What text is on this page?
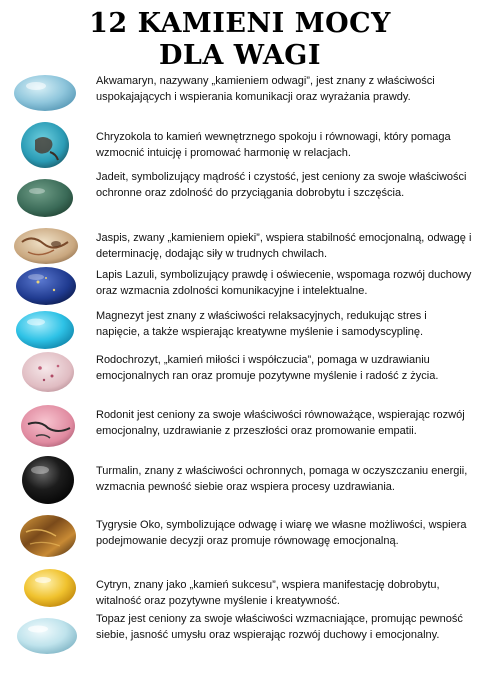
12 KAMIENI MOCY
DLA WAGI
Akwamaryn, nazywany „kamieniem odwagi”, jest znany z właściwości uspokajających i wspierania komunikacji oraz wyrażania prawdy.
Chryzokola to kamień wewnętrznego spokoju i równowagi, który pomaga wzmocnić intuicję i promować harmonię w relacjach.
Jadeit, symbolizujący mądrość i czystość, jest ceniony za swoje właściwości ochronne oraz zdolność do przyciągania dobrobytu i szczęścia.
Jaspis, zwany „kamieniem opieki”, wspiera stabilność emocjonalną, odwagę i determinację, dodając siły w trudnych chwilach.
Lapis Lazuli, symbolizujący prawdę i oświecenie, wspomaga rozwój duchowy oraz wzmacnia zdolności komunikacyjne i intelektualne.
Magnezyt jest znany z właściwości relaksacyjnych, redukując stres i napięcie, a także wspierając kreatywne myślenie i samodyscyplinę.
Rodochrozyt, „kamień miłości i współczucia”, pomaga w uzdrawianiu emocjonalnych ran oraz promuje pozytywne myślenie i radość z życia.
Rodonit jest ceniony za swoje właściwości równoważące, wspierając rozwój emocjonalny, uzdrawianie z przeszłości oraz promowanie empatii.
Turmalin, znany z właściwości ochronnych, pomaga w oczyszczaniu energii, wzmacnia pewność siebie oraz wspiera procesy uzdrawiania.
Tygrysie Oko, symbolizujące odwagę i wiarę we własne możliwości, wspiera podejmowanie decyzji oraz promuje równowagę emocjonalną.
Cytryn, znany jako „kamień sukcesu”, wspiera manifestację dobrobytu, witalność oraz pozytywne myślenie i kreatywność.
Topaz jest ceniony za swoje właściwości wzmacniające, promując pewność siebie, jasność umysłu oraz wspierając rozwój duchowy i emocjonalny.
